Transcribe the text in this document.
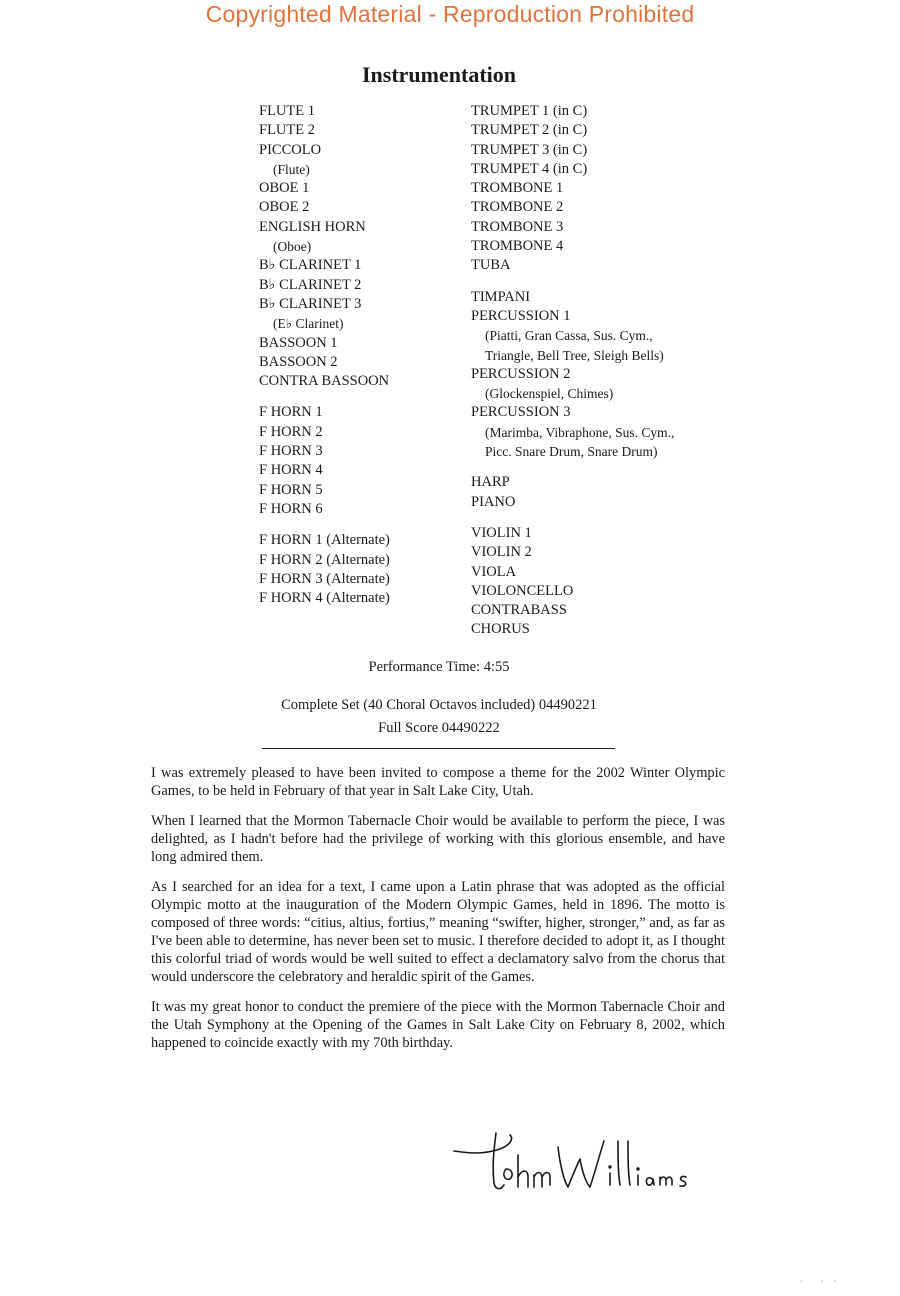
Copyrighted Material - Reproduction Prohibited
Instrumentation
FLUTE 1
FLUTE 2
PICCOLO
(Flute)
OBOE 1
OBOE 2
ENGLISH HORN
(Oboe)
B♭ CLARINET 1
B♭ CLARINET 2
B♭ CLARINET 3
(E♭ Clarinet)
BASSOON 1
BASSOON 2
CONTRA BASSOON
F HORN 1
F HORN 2
F HORN 3
F HORN 4
F HORN 5
F HORN 6
F HORN 1 (Alternate)
F HORN 2 (Alternate)
F HORN 3 (Alternate)
F HORN 4 (Alternate)
TRUMPET 1 (in C)
TRUMPET 2 (in C)
TRUMPET 3 (in C)
TRUMPET 4 (in C)
TROMBONE 1
TROMBONE 2
TROMBONE 3
TROMBONE 4
TUBA
TIMPANI
PERCUSSION 1
(Piatti, Gran Cassa, Sus. Cym.,
Triangle, Bell Tree, Sleigh Bells)
PERCUSSION 2
(Glockenspiel, Chimes)
PERCUSSION 3
(Marimba, Vibraphone, Sus. Cym.,
Picc. Snare Drum, Snare Drum)
HARP
PIANO
VIOLIN 1
VIOLIN 2
VIOLA
VIOLONCELLO
CONTRABASS
CHORUS
Performance Time: 4:55
Complete Set (40 Choral Octavos included) 04490221
Full Score 04490222

I was extremely pleased to have been invited to compose a theme for the 2002 Winter Olympic Games, to be held in February of that year in Salt Lake City, Utah.

When I learned that the Mormon Tabernacle Choir would be available to perform the piece, I was delighted, as I hadn't before had the privilege of working with this glorious ensemble, and have long admired them.

As I searched for an idea for a text, I came upon a Latin phrase that was adopted as the official Olympic motto at the inauguration of the Modern Olympic Games, held in 1896. The motto is composed of three words: “citius, altius, fortius,” meaning “swifter, higher, stronger,” and, as far as I've been able to determine, has never been set to music. I therefore decided to adopt it, as I thought this colorful triad of words would be well suited to effect a declamatory salvo from the chorus that would underscore the celebratory and heraldic spirit of the Games.

It was my great honor to conduct the premiere of the piece with the Mormon Tabernacle Choir and the Utah Symphony at the Opening of the Games in Salt Lake City on February 8, 2002, which happened to coincide exactly with my 70th birthday.
